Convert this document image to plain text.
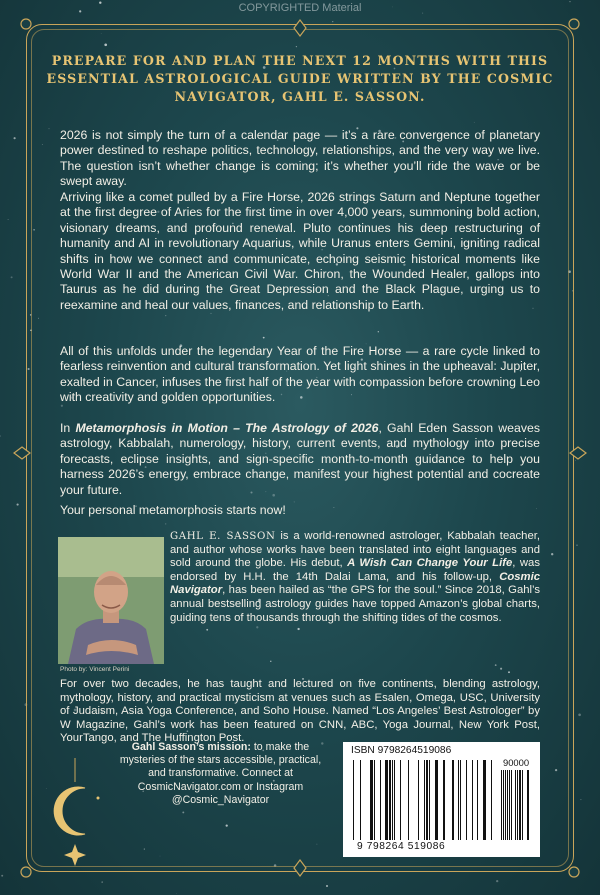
COPYRIGHTED Material
PREPARE FOR AND PLAN THE NEXT 12 MONTHS WITH THIS ESSENTIAL ASTROLOGICAL GUIDE WRITTEN BY THE COSMIC NAVIGATOR, GAHL E. SASSON.

2026 is not simply the turn of a calendar page — it’s a rare convergence of planetary power destined to reshape politics, technology, relationships, and the very way we live. The question isn’t whether change is coming; it’s whether you’ll ride the wave or be swept away.

Arriving like a comet pulled by a Fire Horse, 2026 strings Saturn and Neptune together at the first degree of Aries for the first time in over 4,000 years, summoning bold action, visionary dreams, and profound renewal. Pluto continues his deep restructuring of humanity and AI in revolutionary Aquarius, while Uranus enters Gemini, igniting radical shifts in how we connect and communicate, echoing seismic historical moments like World War II and the American Civil War. Chiron, the Wounded Healer, gallops into Taurus as he did during the Great Depression and the Black Plague, urging us to reexamine and heal our values, finances, and relationship to Earth.

All of this unfolds under the legendary Year of the Fire Horse — a rare cycle linked to fearless reinvention and cultural transformation. Yet light shines in the upheaval: Jupiter, exalted in Cancer, infuses the first half of the year with compassion before crowning Leo with creativity and golden opportunities.

In Metamorphosis in Motion – The Astrology of 2026, Gahl Eden Sasson weaves astrology, Kabbalah, numerology, history, current events, and mythology into precise forecasts, eclipse insights, and sign-specific month-to-month guidance to help you harness 2026’s energy, embrace change, manifest your highest potential and cocreate your future.

Your personal metamorphosis starts now!

Photo by: Vincent Perini
GAHL E. SASSON is a world-renowned astrologer, Kabbalah teacher, and author whose works have been translated into eight languages and sold around the globe. His debut, A Wish Can Change Your Life, was endorsed by H.H. the 14th Dalai Lama, and his follow-up, Cosmic Navigator, has been hailed as “the GPS for the soul.” Since 2018, Gahl’s annual bestselling astrology guides have topped Amazon’s global charts, guiding tens of thousands through the shifting tides of the cosmos.
For over two decades, he has taught and lectured on five continents, blending astrology, mythology, history, and practical mysticism at venues such as Esalen, Omega, USC, University of Judaism, Asia Yoga Conference, and Soho House. Named “Los Angeles’ Best Astrologer” by W Magazine, Gahl’s work has been featured on CNN, ABC, Yoga Journal, New York Post, YourTango, and The Huffington Post.
Gahl Sasson’s mission: to make the mysteries of the stars accessible, practical, and transformative. Connect at CosmicNavigator.com or Instagram @Cosmic_Navigator
ISBN 9798264519086
90000
9 798264 519086
